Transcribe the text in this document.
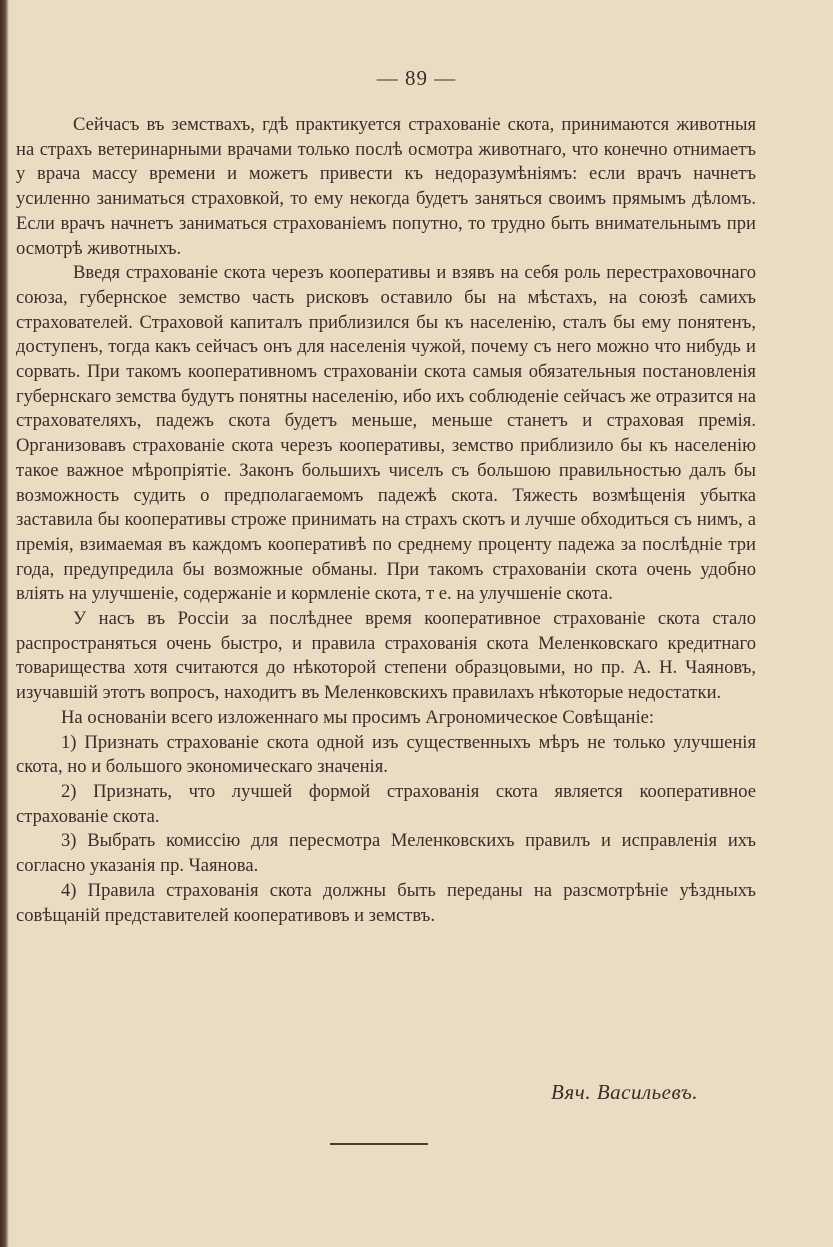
— 89 —

Сейчасъ въ земствахъ, гдѣ практикуется страхованіе скота, принимаются животныя на страхъ ветеринарными врачами только послѣ осмотра животнаго, что конечно отнимаетъ у врача массу времени и можетъ привести къ недоразумѣніямъ: если врачъ начнетъ усиленно заниматься страховкой, то ему некогда будетъ заняться своимъ прямымъ дѣломъ. Если врачъ начнетъ заниматься страхованіемъ попутно, то трудно быть внимательнымъ при осмотрѣ животныхъ.

Введя страхованіе скота черезъ кооперативы и взявъ на себя роль перестраховочнаго союза, губернское земство часть рисковъ оставило бы на мѣстахъ, на союзѣ самихъ страхователей. Страховой капиталъ приблизился бы къ населенію, сталъ бы ему понятенъ, доступенъ, тогда какъ сейчасъ онъ для населенія чужой, почему съ него можно что нибудь и сорвать. При такомъ кооперативномъ страхованіи скота самыя обязательныя постановленія губернскаго земства будутъ понятны населенію, ибо ихъ соблюденіе сейчасъ же отразится на страхователяхъ, падежъ скота будетъ меньше, меньше станетъ и страховая премія. Организовавъ страхованіе скота черезъ кооперативы, земство приблизило бы къ населенію такое важное мѣропріятіе. Законъ большихъ чиселъ съ большою правильностью далъ бы возможность судить о предполагаемомъ падежѣ скота. Тяжесть возмѣщенія убытка заставила бы кооперативы строже принимать на страхъ скотъ и лучше обходиться съ нимъ, а премія, взимаемая въ каждомъ кооперативѣ по среднему проценту падежа за послѣдніе три года, предупредила бы возможные обманы. При такомъ страхованіи скота очень удобно вліять на улучшеніе, содержаніе и кормленіе скота, т е. на улучшеніе скота.

У насъ въ Россіи за послѣднее время кооперативное страхованіе скота стало распространяться очень быстро, и правила страхованія скота Меленковскаго кредитнаго товарищества хотя считаются до нѣкоторой степени образцовыми, но пр. А. Н. Чаяновъ, изучавшій этотъ вопросъ, находитъ въ Меленковскихъ правилахъ нѣкоторые недостатки.

На основаніи всего изложеннаго мы просимъ Агрономическое Совѣщаніе:

1) Признать страхованіе скота одной изъ существенныхъ мѣръ не только улучшенія скота, но и большого экономическаго значенія.

2) Признать, что лучшей формой страхованія скота является кооперативное страхованіе скота.

3) Выбрать комиссію для пересмотра Меленковскихъ правилъ и исправленія ихъ согласно указанія пр. Чаянова.

4) Правила страхованія скота должны быть переданы на разсмотрѣніе уѣздныхъ совѣщаній представителей кооперативовъ и земствъ.

Вяч. Васильевъ.
